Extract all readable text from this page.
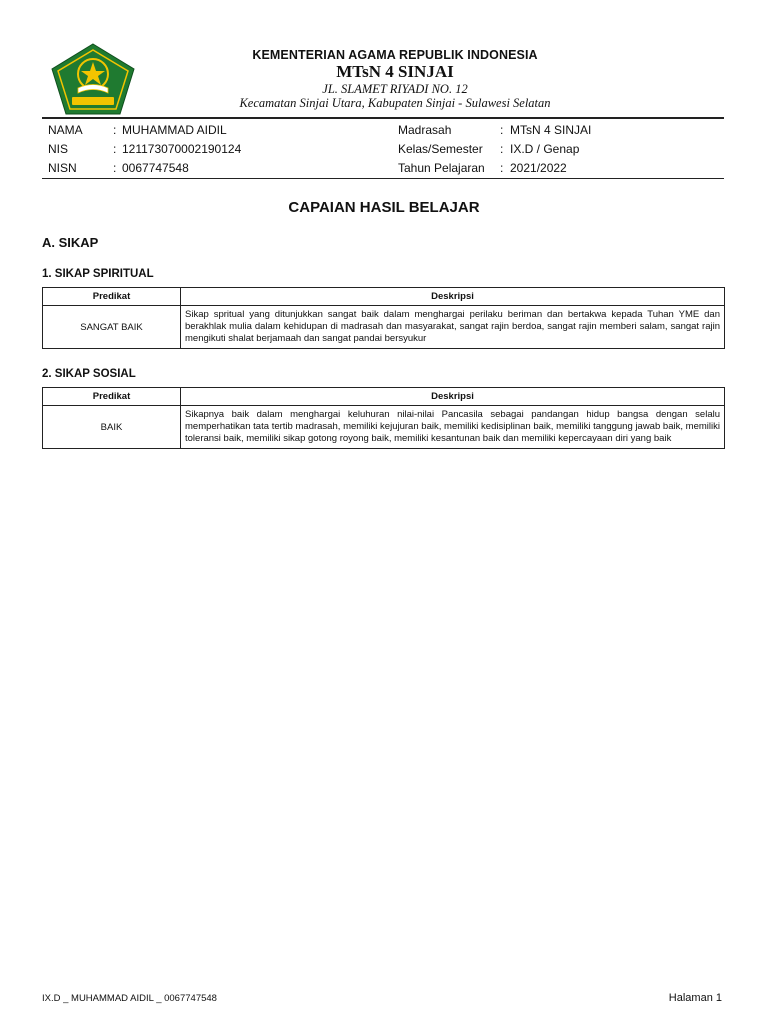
KEMENTERIAN AGAMA REPUBLIK INDONESIA
MTsN 4 SINJAI
JL. SLAMET RIYADI NO. 12
Kecamatan Sinjai Utara, Kabupaten Sinjai - Sulawesi Selatan
NAMA	: MUHAMMAD AIDIL	Madrasah	: MTsN 4 SINJAI
NIS	: 121173070002190124	Kelas/Semester : IX.D / Genap
NISN	: 0067747548	Tahun Pelajaran : 2021/2022
CAPAIAN HASIL BELAJAR
A. SIKAP
1. SIKAP SPIRITUAL
Predikat	Deskripsi
SANGAT BAIK	Sikap spritual yang ditunjukkan sangat baik dalam menghargai perilaku beriman dan bertakwa kepada Tuhan YME dan berakhlak mulia dalam kehidupan di madrasah dan masyarakat, sangat rajin berdoa, sangat rajin memberi salam, sangat rajin mengikuti shalat berjamaah dan sangat pandai bersyukur
2. SIKAP SOSIAL
Predikat	Deskripsi
BAIK	Sikapnya baik dalam menghargai keluhuran nilai-nilai Pancasila sebagai pandangan hidup bangsa dengan selalu memperhatikan tata tertib madrasah, memiliki kejujuran baik, memiliki kedisiplinan baik, memiliki tanggung jawab baik, memiliki toleransi baik, memiliki sikap gotong royong baik, memiliki kesantunan baik dan memiliki kepercayaan diri yang baik
IX.D _ MUHAMMAD AIDIL _ 0067747548	Halaman 1
